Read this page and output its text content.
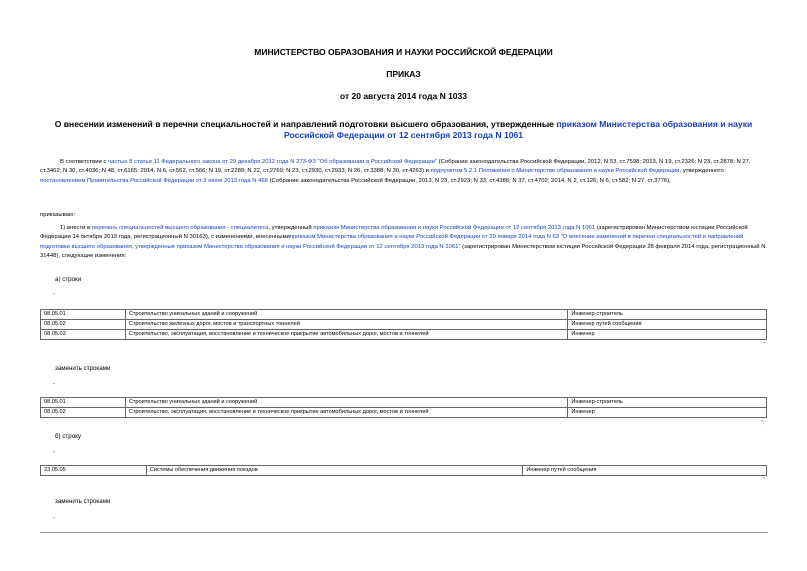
МИНИСТЕРСТВО ОБРАЗОВАНИЯ И НАУКИ РОССИЙСКОЙ ФЕДЕРАЦИИ
ПРИКАЗ
от 20 августа 2014 года N 1033
О внесении изменений в перечни специальностей и направлений подготовки высшего образования, утвержденные приказом Министерства образования и науки Российской Федерации от 12 сентября 2013 года N 1061
В соответствии с частью 8 статьи 11 Федерального закона от 29 декабря 2012 года N 273-ФЗ "Об образовании в Российской Федерации" (Собрание законодательства Российской Федерации, 2012, N 53, ст.7598; 2013, N 19, ст.2326; N 23, ст.2878; N 27, ст.3462; N 30, ст.4036; N 48, ст.6165; 2014, N 6, ст.562, ст.566; N 19, ст.2289; N 22, ст.2769; N 23, ст.2930, ст.2933; N 26, ст.3388; N 30, ст.4263) и подпунктом 5.2.1 Положения о Министерстве образования и науки Российской Федерации, утвержденного постановлением Правительства Российской Федерации от 3 июня 2013 года N 466 (Собрание законодательства Российской Федерации, 2013, N 23, ст.2923; N 33, ст.4386; N 37, ст.4702; 2014, N 2, ст.126; N 6, ст.582; N 27, ст.3776),
приказываю:
1) внести в перечень специальностей высшего образования - специалитета, утвержденный приказом Министерства образования и науки Российской Федерации от 12 сентября 2013 года N 1061 (зарегистрирован Министерством юстиции Российской Федерации 14 октября 2013 года, регистрационный N 30163), с изменениями, внесеннымиприказом Министерства образования и науки Российской Федерации от 29 января 2014 года N 63 "О внесении изменений в перечни специальностей и направлений подготовки высшего образования, утвержденные приказом Министерства образования и науки Российской Федерации от 12 сентября 2013 года N 1061" (зарегистрирован Министерством юстиции Российской Федерации 28 февраля 2014 года, регистрационный N 31448), следующие изменения:
а) строки
"
08.05.01	Строительство уникальных зданий и сооружений	Инженер-строитель
08.05.02	Строительство железных дорог, мостов и транспортных тоннелей	Инженер путей сообщения
08.05.03	Строительство, эксплуатация, восстановление и техническое прикрытие автомобильных дорог, мостов и тоннелей	Инженер
"
заменить строками
"
08.05.01	Строительство уникальных зданий и сооружений	Инженер-строитель
08.05.02	Строительство, эксплуатация, восстановление и техническое прикрытие автомобильных дорог, мостов и тоннелей	Инженер
";
б) строку
"
23.05.05	Системы обеспечения движения поездов	Инженер путей сообщения
"
заменить строками
"
